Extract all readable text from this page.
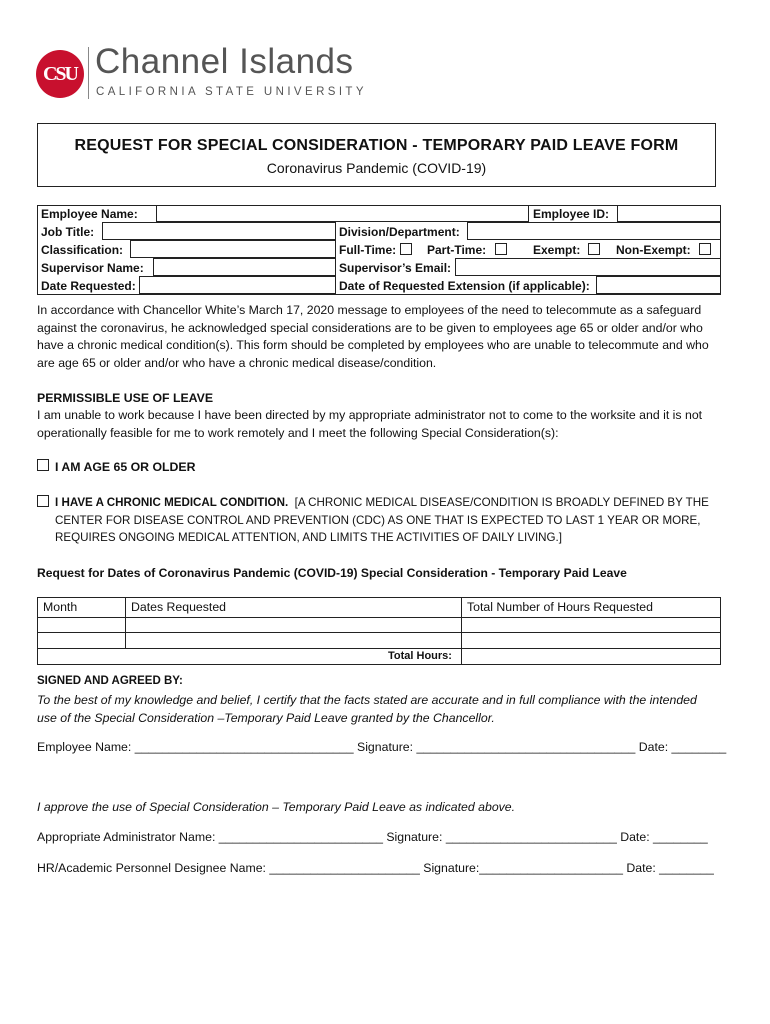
CSU Channel Islands
CALIFORNIA STATE UNIVERSITY
REQUEST FOR SPECIAL CONSIDERATION - TEMPORARY PAID LEAVE FORM
Coronavirus Pandemic (COVID-19)
Employee Name:	Employee ID:
Job Title:	Division/Department:
Classification:	Full-Time:	Part-Time:	Exempt:	Non-Exempt:
Supervisor Name:	Supervisor’s Email:
Date Requested:	Date of Requested Extension (if applicable):
In accordance with Chancellor White’s March 17, 2020 message to employees of the need to telecommute as a safeguard
against the coronavirus, he acknowledged special considerations are to be given to employees age 65 or older and/or who
have a chronic medical condition(s). This form should be completed by employees who are unable to telecommute and who
are age 65 or older and/or who have a chronic medical disease/condition.
PERMISSIBLE USE OF LEAVE
I am unable to work because I have been directed by my appropriate administrator not to come to the worksite and it is not
operationally feasible for me to work remotely and I meet the following Special Consideration(s):
I AM AGE 65 OR OLDER
I HAVE A CHRONIC MEDICAL CONDITION. [A CHRONIC MEDICAL DISEASE/CONDITION IS BROADLY DEFINED BY THE
CENTER FOR DISEASE CONTROL AND PREVENTION (CDC) AS ONE THAT IS EXPECTED TO LAST 1 YEAR OR MORE,
REQUIRES ONGOING MEDICAL ATTENTION, AND LIMITS THE ACTIVITIES OF DAILY LIVING.]
Request for Dates of Coronavirus Pandemic (COVID-19) Special Consideration - Temporary Paid Leave
Month	Dates Requested	Total Number of Hours Requested
Total Hours:
SIGNED AND AGREED BY:
To the best of my knowledge and belief, I certify that the facts stated are accurate and in full compliance with the intended
use of the Special Consideration –Temporary Paid Leave granted by the Chancellor.
Employee Name: ________________________________ Signature: ________________________________ Date: ________
I approve the use of Special Consideration – Temporary Paid Leave as indicated above.
Appropriate Administrator Name: ________________________ Signature: _________________________ Date: ________
HR/Academic Personnel Designee Name: ______________________ Signature:_____________________ Date: ________
